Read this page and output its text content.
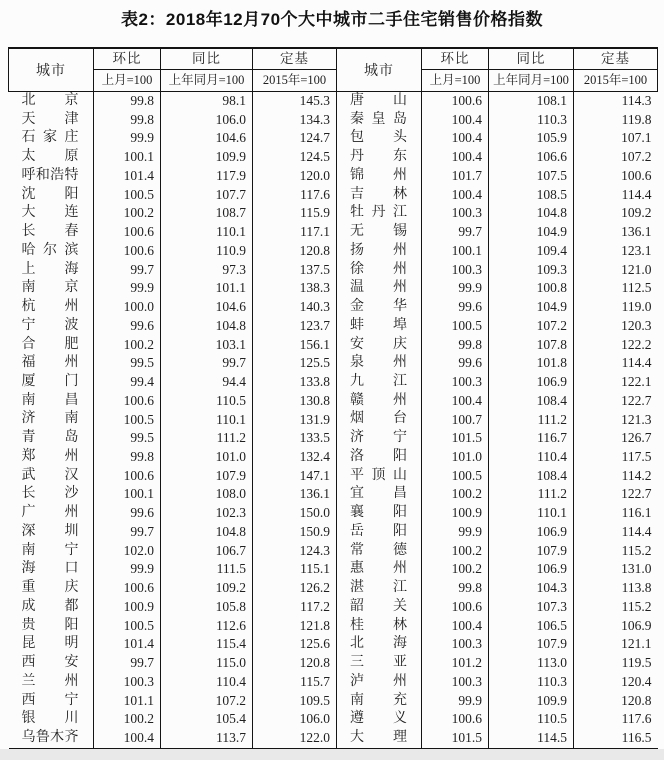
表2：2018年12月70个大中城市二手住宅销售价格指数
城市	环比	同比	定基	城市	环比	同比	定基
	上月=100	上年同月=100	2015年=100		上月=100	上年同月=100	2015年=100

北 京	99.8	98.1	145.3	唐 山	100.6	108.1	114.3

天 津	99.8	106.0	134.3	秦 皇 岛	100.4	110.3	119.8

石 家 庄	99.9	104.6	124.7	包 头	100.4	105.9	107.1

太 原	100.1	109.9	124.5	丹 东	100.4	106.6	107.2

呼 和 浩 特	101.4	117.9	120.0	锦 州	101.7	107.5	100.6

沈 阳	100.5	107.7	117.6	吉 林	100.4	108.5	114.4

大 连	100.2	108.7	115.9	牡 丹 江	100.3	104.8	109.2

长 春	100.6	110.1	117.1	无 锡	99.7	104.9	136.1

哈 尔 滨	100.6	110.9	120.8	扬 州	100.1	109.4	123.1

上 海	99.7	97.3	137.5	徐 州	100.3	109.3	121.0

南 京	99.9	101.1	138.3	温 州	99.9	100.8	112.5

杭 州	100.0	104.6	140.3	金 华	99.6	104.9	119.0

宁 波	99.6	104.8	123.7	蚌 埠	100.5	107.2	120.3

合 肥	100.2	103.1	156.1	安 庆	99.8	107.8	122.2

福 州	99.5	99.7	125.5	泉 州	99.6	101.8	114.4

厦 门	99.4	94.4	133.8	九 江	100.3	106.9	122.1

南 昌	100.6	110.5	130.8	赣 州	100.4	108.4	122.7

济 南	100.5	110.1	131.9	烟 台	100.7	111.2	121.3

青 岛	99.5	111.2	133.5	济 宁	101.5	116.7	126.7

郑 州	99.8	101.0	132.4	洛 阳	101.0	110.4	117.5

武 汉	100.6	107.9	147.1	平 顶 山	100.5	108.4	114.2

长 沙	100.1	108.0	136.1	宜 昌	100.2	111.2	122.7

广 州	99.6	102.3	150.0	襄 阳	100.9	110.1	116.1

深 圳	99.7	104.8	150.9	岳 阳	99.9	106.9	114.4

南 宁	102.0	106.7	124.3	常 德	100.2	107.9	115.2

海 口	99.9	111.5	115.1	惠 州	100.2	106.9	131.0

重 庆	100.6	109.2	126.2	湛 江	99.8	104.3	113.8

成 都	100.9	105.8	117.2	韶 关	100.6	107.3	115.2

贵 阳	100.5	112.6	121.8	桂 林	100.4	106.5	106.9

昆 明	101.4	115.4	125.6	北 海	100.3	107.9	121.1

西 安	99.7	115.0	120.8	三 亚	101.2	113.0	119.5

兰 州	100.3	110.4	115.7	泸 州	100.3	110.3	120.4

西 宁	101.1	107.2	109.5	南 充	99.9	109.9	120.8

银 川	100.2	105.4	106.0	遵 义	100.6	110.5	117.6

乌 鲁 木 齐	100.4	113.7	122.0	大 理	101.5	114.5	116.5
